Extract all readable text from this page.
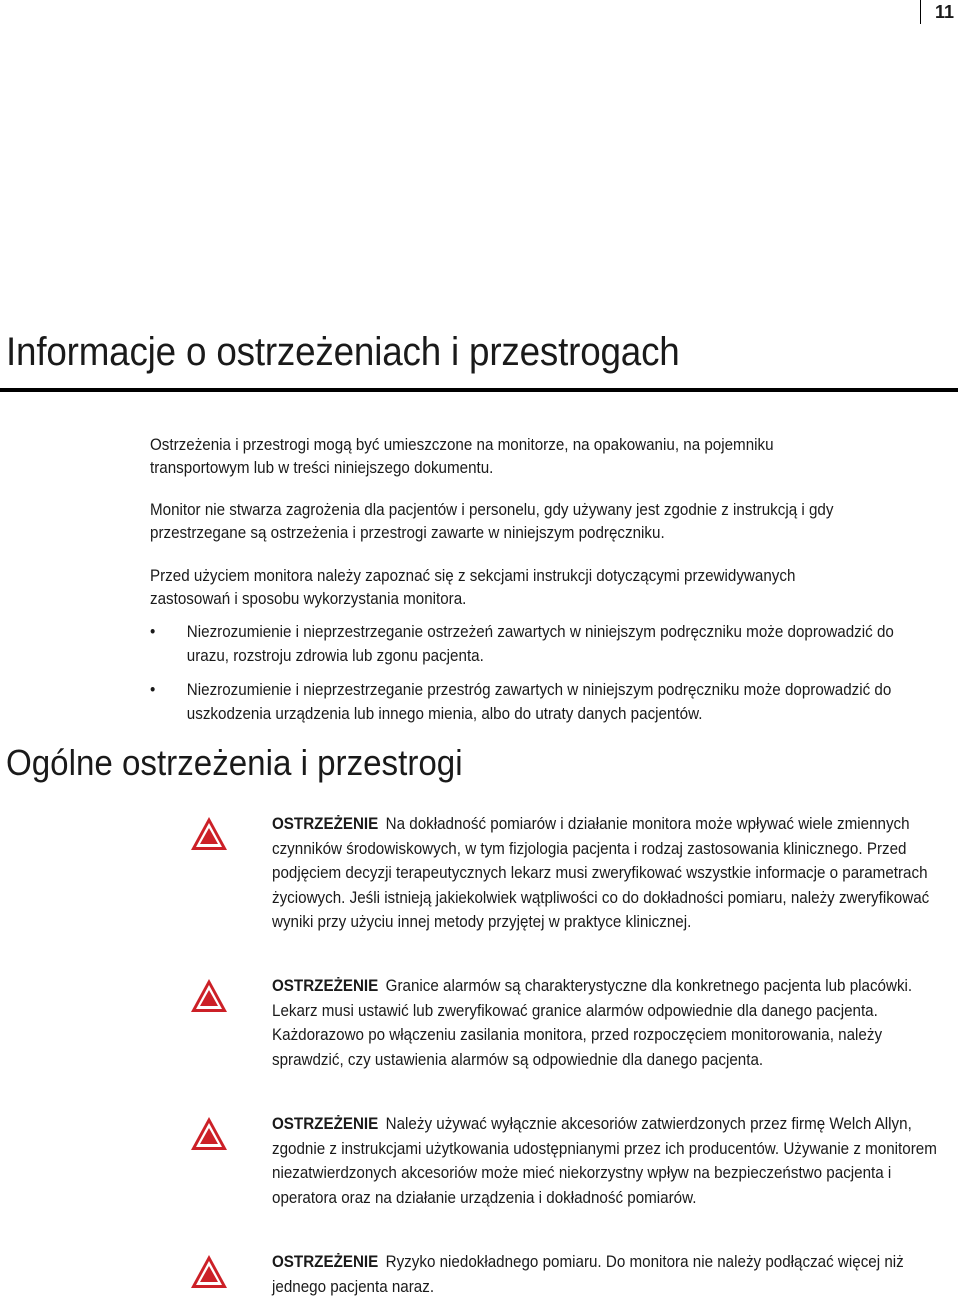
11
Informacje o ostrzeżeniach i przestrogach
Ostrzeżenia i przestrogi mogą być umieszczone na monitorze, na opakowaniu, na pojemniku transportowym lub w treści niniejszego dokumentu.
Monitor nie stwarza zagrożenia dla pacjentów i personelu, gdy używany jest zgodnie z instrukcją i gdy przestrzegane są ostrzeżenia i przestrogi zawarte w niniejszym podręczniku.
Przed użyciem monitora należy zapoznać się z sekcjami instrukcji dotyczącymi przewidywanych zastosowań i sposobu wykorzystania monitora.
• Niezrozumienie i nieprzestrzeganie ostrzeżeń zawartych w niniejszym podręczniku może doprowadzić do urazu, rozstroju zdrowia lub zgonu pacjenta.
• Niezrozumienie i nieprzestrzeganie przestróg zawartych w niniejszym podręczniku może doprowadzić do uszkodzenia urządzenia lub innego mienia, albo do utraty danych pacjentów.
Ogólne ostrzeżenia i przestrogi
OSTRZEŻENIE Na dokładność pomiarów i działanie monitora może wpływać wiele zmiennych czynników środowiskowych, w tym fizjologia pacjenta i rodzaj zastosowania klinicznego. Przed podjęciem decyzji terapeutycznych lekarz musi zweryfikować wszystkie informacje o parametrach życiowych. Jeśli istnieją jakiekolwiek wątpliwości co do dokładności pomiaru, należy zweryfikować wyniki przy użyciu innej metody przyjętej w praktyce klinicznej.
OSTRZEŻENIE Granice alarmów są charakterystyczne dla konkretnego pacjenta lub placówki. Lekarz musi ustawić lub zweryfikować granice alarmów odpowiednie dla danego pacjenta. Każdorazowo po włączeniu zasilania monitora, przed rozpoczęciem monitorowania, należy sprawdzić, czy ustawienia alarmów są odpowiednie dla danego pacjenta.
OSTRZEŻENIE Należy używać wyłącznie akcesoriów zatwierdzonych przez firmę Welch Allyn, zgodnie z instrukcjami użytkowania udostępnianymi przez ich producentów. Używanie z monitorem niezatwierdzonych akcesoriów może mieć niekorzystny wpływ na bezpieczeństwo pacjenta i operatora oraz na działanie urządzenia i dokładność pomiarów.
OSTRZEŻENIE Ryzyko niedokładnego pomiaru. Do monitora nie należy podłączać więcej niż jednego pacjenta naraz.
